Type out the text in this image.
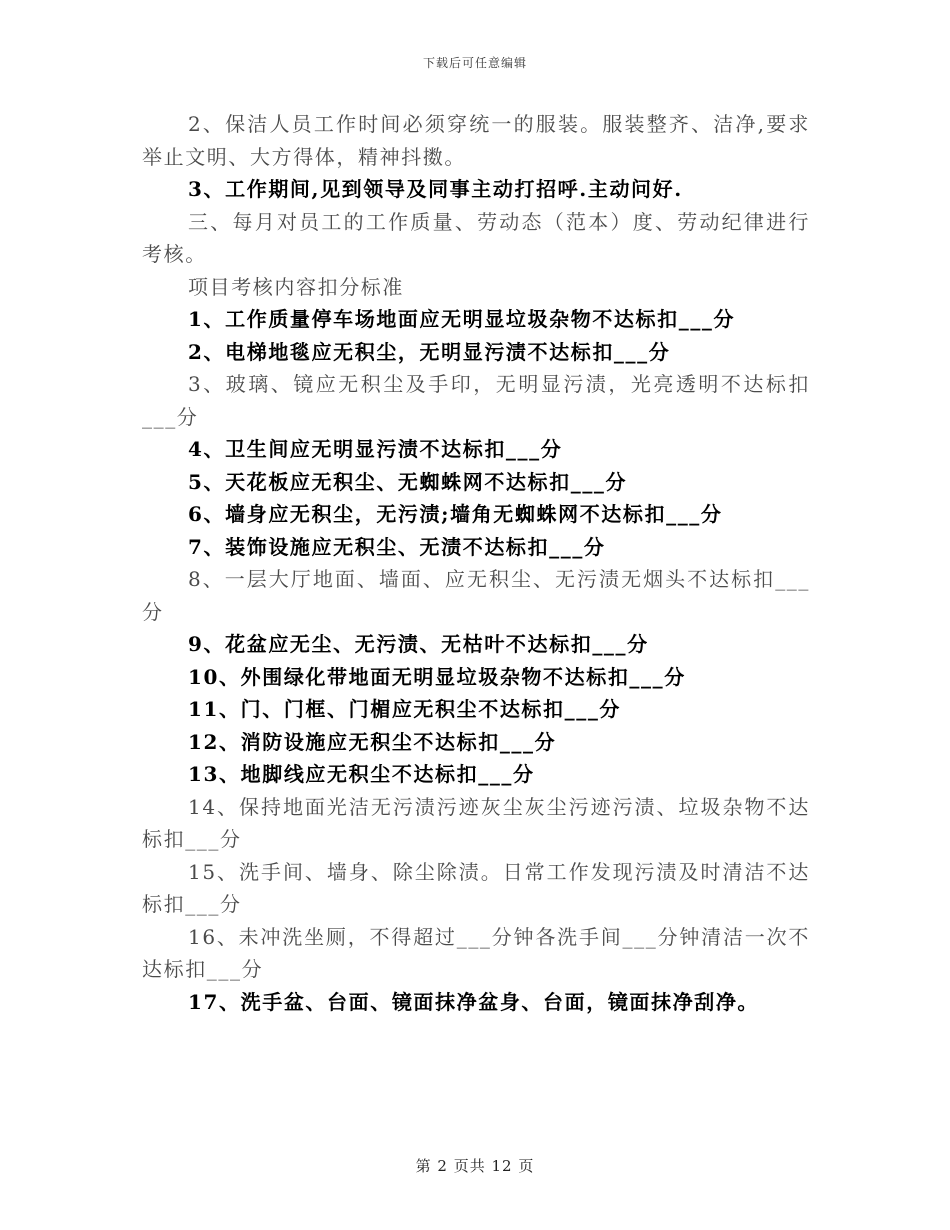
下载后可任意编辑

2、保洁人员工作时间必须穿统一的服装。服装整齐、洁净,要求举止文明、大方得体，精神抖擞。

3、工作期间,见到领导及同事主动打招呼.主动问好.

三、每月对员工的工作质量、劳动态（范本）度、劳动纪律进行考核。

项目考核内容扣分标准

1、工作质量停车场地面应无明显垃圾杂物不达标扣___分

2、电梯地毯应无积尘，无明显污渍不达标扣___分

3、玻璃、镜应无积尘及手印，无明显污渍，光亮透明不达标扣___分

4、卫生间应无明显污渍不达标扣___分

5、天花板应无积尘、无蜘蛛网不达标扣___分

6、墙身应无积尘，无污渍;墙角无蜘蛛网不达标扣___分

7、装饰设施应无积尘、无渍不达标扣___分

8、一层大厅地面、墙面、应无积尘、无污渍无烟头不达标扣___分

9、花盆应无尘、无污渍、无枯叶不达标扣___分

10、外围绿化带地面无明显垃圾杂物不达标扣___分

11、门、门框、门楣应无积尘不达标扣___分

12、消防设施应无积尘不达标扣___分

13、地脚线应无积尘不达标扣___分

14、保持地面光洁无污渍污迹灰尘灰尘污迹污渍、垃圾杂物不达标扣___分

15、洗手间、墙身、除尘除渍。日常工作发现污渍及时清洁不达标扣___分

16、未冲洗坐厕，不得超过___分钟各洗手间___分钟清洁一次不达标扣___分

17、洗手盆、台面、镜面抹净盆身、台面，镜面抹净刮净。

第 2 页共 12 页
